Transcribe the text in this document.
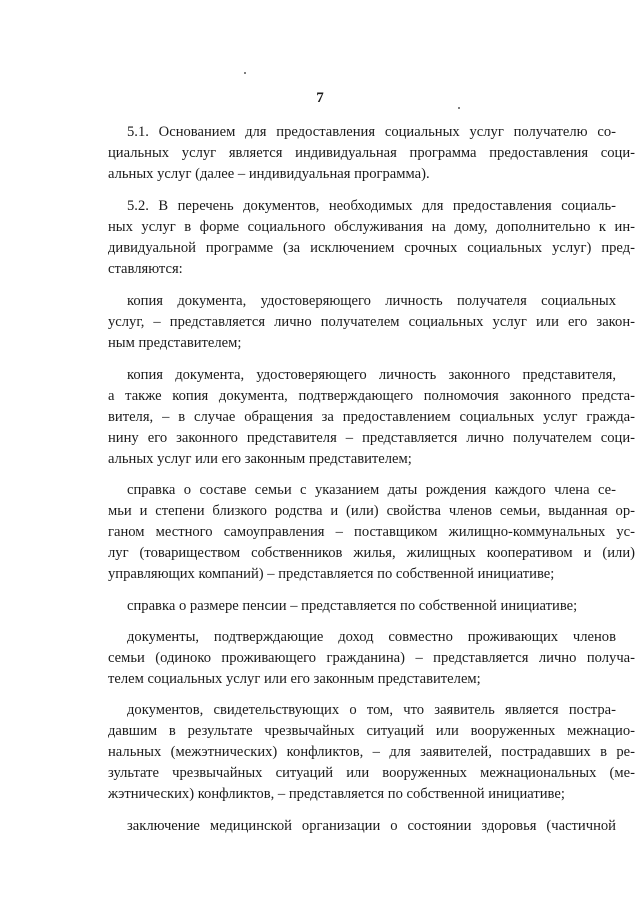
7
5.1. Основанием для предоставления социальных услуг получателю со-
циальных услуг является индивидуальная программа предоставления соци-
альных услуг (далее – индивидуальная программа).
5.2. В перечень документов, необходимых для предоставления социаль-
ных услуг в форме социального обслуживания на дому, дополнительно к ин-
дивидуальной программе (за исключением срочных социальных услуг) пред-
ставляются:
копия документа, удостоверяющего личность получателя социальных
услуг, – представляется лично получателем социальных услуг или его закон-
ным представителем;
копия документа, удостоверяющего личность законного представителя,
а также копия документа, подтверждающего полномочия законного предста-
вителя, – в случае обращения за предоставлением социальных услуг гражда-
нину его законного представителя – представляется лично получателем соци-
альных услуг или его законным представителем;
справка о составе семьи с указанием даты рождения каждого члена се-
мьи и степени близкого родства и (или) свойства членов семьи, выданная ор-
ганом местного самоуправления – поставщиком жилищно-коммунальных ус-
луг (товариществом собственников жилья, жилищных кооперативом и (или)
управляющих компаний) – представляется по собственной инициативе;
справка о размере пенсии – представляется по собственной инициативе;
документы, подтверждающие доход совместно проживающих членов
семьи (одиноко проживающего гражданина) – представляется лично получа-
телем социальных услуг или его законным представителем;
документов, свидетельствующих о том, что заявитель является постра-
давшим в результате чрезвычайных ситуаций или вооруженных межнацио-
нальных (межэтнических) конфликтов, – для заявителей, пострадавших в ре-
зультате чрезвычайных ситуаций или вооруженных межнациональных (ме-
жэтнических) конфликтов, – представляется по собственной инициативе;
заключение медицинской организации о состоянии здоровья (частичной
